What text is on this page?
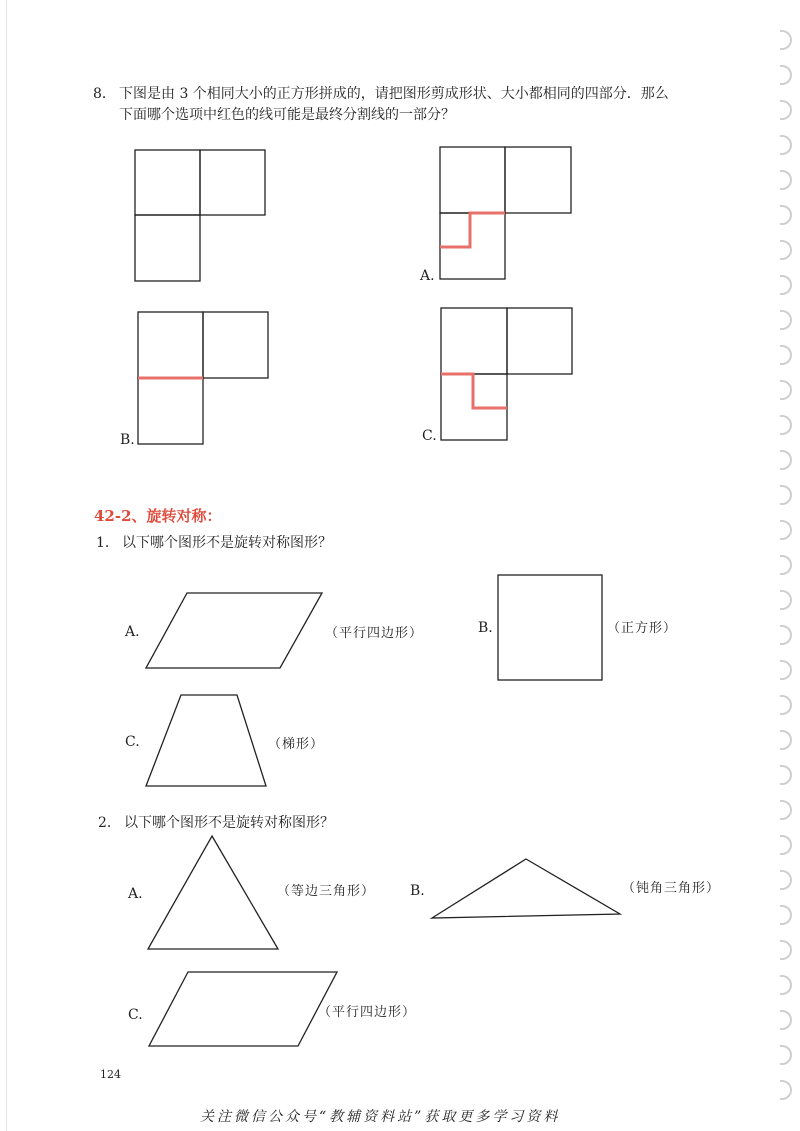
8． 下图是由 3 个相同大小的正方形拼成的，请把图形剪成形状、大小都相同的四部分．那么
下面哪个选项中红色的线可能是最终分割线的一部分？
A.
B.	C.
42-2、旋转对称：
1． 以下哪个图形不是旋转对称图形？
A.	（平行四边形）	B.	（正方形）
C.	（梯形）
2． 以下哪个图形不是旋转对称图形？
A.	（等边三角形） B.	（钝角三角形）
C.	（平行四边形）
124
关注微信公众号“教辅资料站”获取更多学习资料
